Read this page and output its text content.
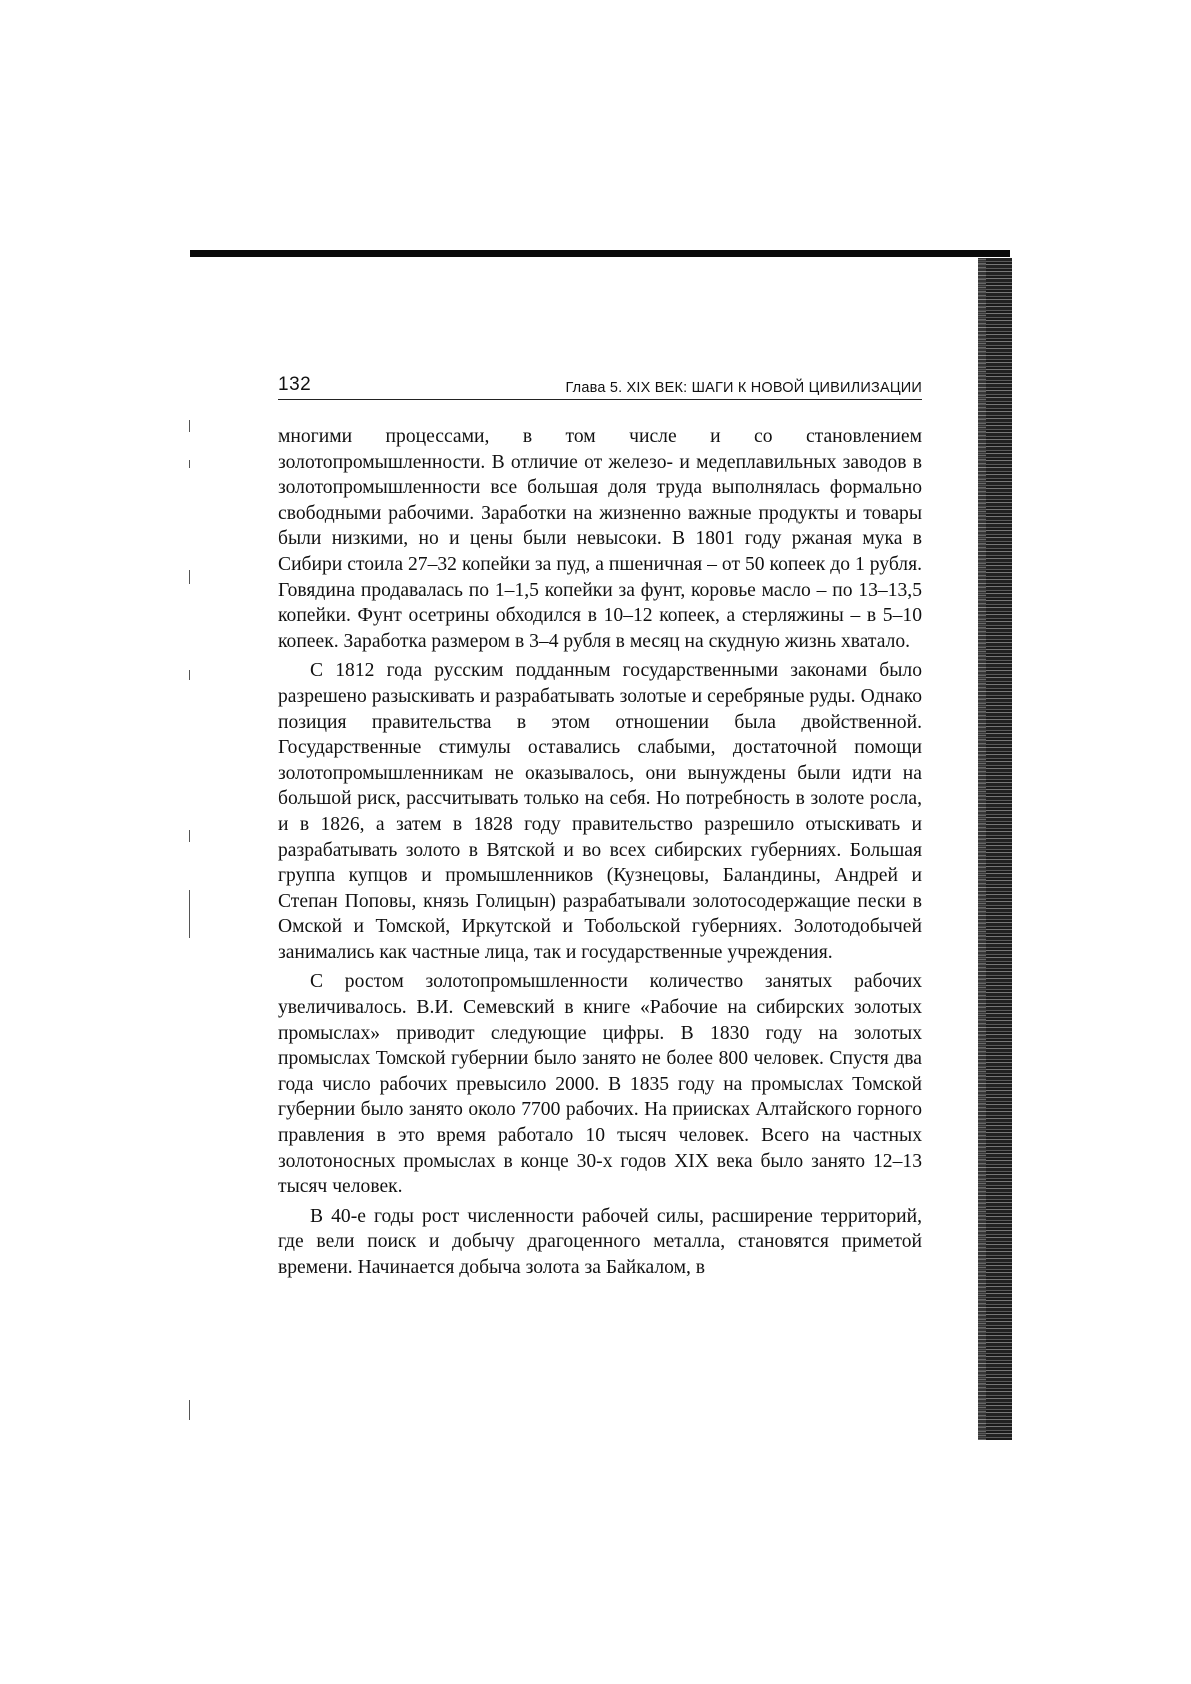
132	Глава 5. XIX ВЕК: ШАГИ К НОВОЙ ЦИВИЛИЗАЦИИ

многими процессами, в том числе и со становлением золотопромышленности. В отличие от железо- и медеплавильных заводов в золотопромышленности все большая доля труда выполнялась формально свободными рабочими. Заработки на жизненно важные продукты и товары были низкими, но и цены были невысоки. В 1801 году ржаная мука в Сибири стоила 27–32 копейки за пуд, а пшеничная – от 50 копеек до 1 рубля. Говядина продавалась по 1–1,5 копейки за фунт, коровье масло – по 13–13,5 копейки. Фунт осетрины обходился в 10–12 копеек, а стерляжины – в 5–10 копеек. Заработка размером в 3–4 рубля в месяц на скудную жизнь хватало.

С 1812 года русским подданным государственными законами было разрешено разыскивать и разрабатывать золотые и серебряные руды. Однако позиция правительства в этом отношении была двойственной. Государственные стимулы оставались слабыми, достаточной помощи золотопромышленникам не оказывалось, они вынуждены были идти на большой риск, рассчитывать только на себя. Но потребность в золоте росла, и в 1826, а затем в 1828 году правительство разрешило отыскивать и разрабатывать золото в Вятской и во всех сибирских губерниях. Большая группа купцов и промышленников (Кузнецовы, Баландины, Андрей и Степан Поповы, князь Голицын) разрабатывали золотосодержащие пески в Омской и Томской, Иркутской и Тобольской губерниях. Золотодобычей занимались как частные лица, так и государственные учреждения.

С ростом золотопромышленности количество занятых рабочих увеличивалось. В.И. Семевский в книге «Рабочие на сибирских золотых промыслах» приводит следующие цифры. В 1830 году на золотых промыслах Томской губернии было занято не более 800 человек. Спустя два года число рабочих превысило 2000. В 1835 году на промыслах Томской губернии было занято около 7700 рабочих. На приисках Алтайского горного правления в это время работало 10 тысяч человек. Всего на частных золотоносных промыслах в конце 30-х годов XIX века было занято 12–13 тысяч человек.

В 40-е годы рост численности рабочей силы, расширение территорий, где вели поиск и добычу драгоценного металла, становятся приметой времени. Начинается добыча золота за Байкалом, в
